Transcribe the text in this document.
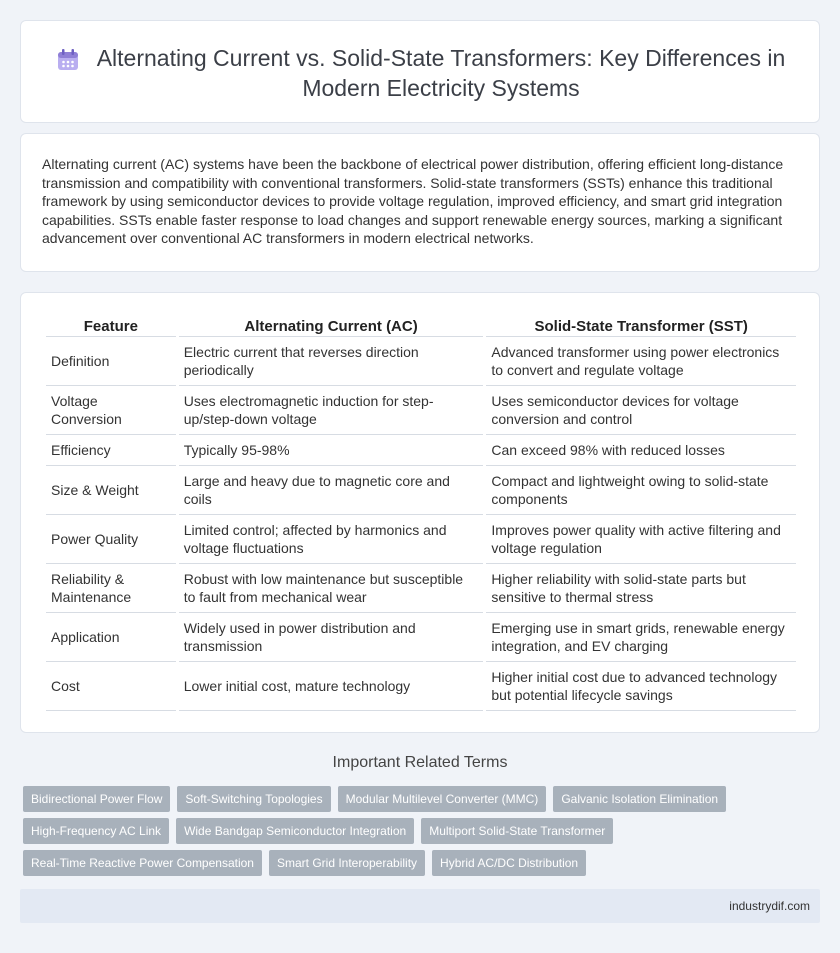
Alternating Current vs. Solid-State Transformers: Key Differences in Modern Electricity Systems

Alternating current (AC) systems have been the backbone of electrical power distribution, offering efficient long-distance transmission and compatibility with conventional transformers. Solid-state transformers (SSTs) enhance this traditional framework by using semiconductor devices to provide voltage regulation, improved efficiency, and smart grid integration capabilities. SSTs enable faster response to load changes and support renewable energy sources, marking a significant advancement over conventional AC transformers in modern electrical networks.

Feature	Alternating Current (AC)	Solid-State Transformer (SST)
Definition	Electric current that reverses direction periodically	Advanced transformer using power electronics to convert and regulate voltage
Voltage Conversion	Uses electromagnetic induction for step-up/step-down voltage	Uses semiconductor devices for voltage conversion and control
Efficiency	Typically 95-98%	Can exceed 98% with reduced losses
Size & Weight	Large and heavy due to magnetic core and coils	Compact and lightweight owing to solid-state components
Power Quality	Limited control; affected by harmonics and voltage fluctuations	Improves power quality with active filtering and voltage regulation
Reliability & Maintenance	Robust with low maintenance but susceptible to fault from mechanical wear	Higher reliability with solid-state parts but sensitive to thermal stress
Application	Widely used in power distribution and transmission	Emerging use in smart grids, renewable energy integration, and EV charging
Cost	Lower initial cost, mature technology	Higher initial cost due to advanced technology but potential lifecycle savings
Important Related Terms
Bidirectional Power Flow	Soft-Switching Topologies	Modular Multilevel Converter (MMC)	Galvanic Isolation Elimination
High-Frequency AC Link	Wide Bandgap Semiconductor Integration	Multiport Solid-State Transformer
Real-Time Reactive Power Compensation	Smart Grid Interoperability	Hybrid AC/DC Distribution
industrydif.com
